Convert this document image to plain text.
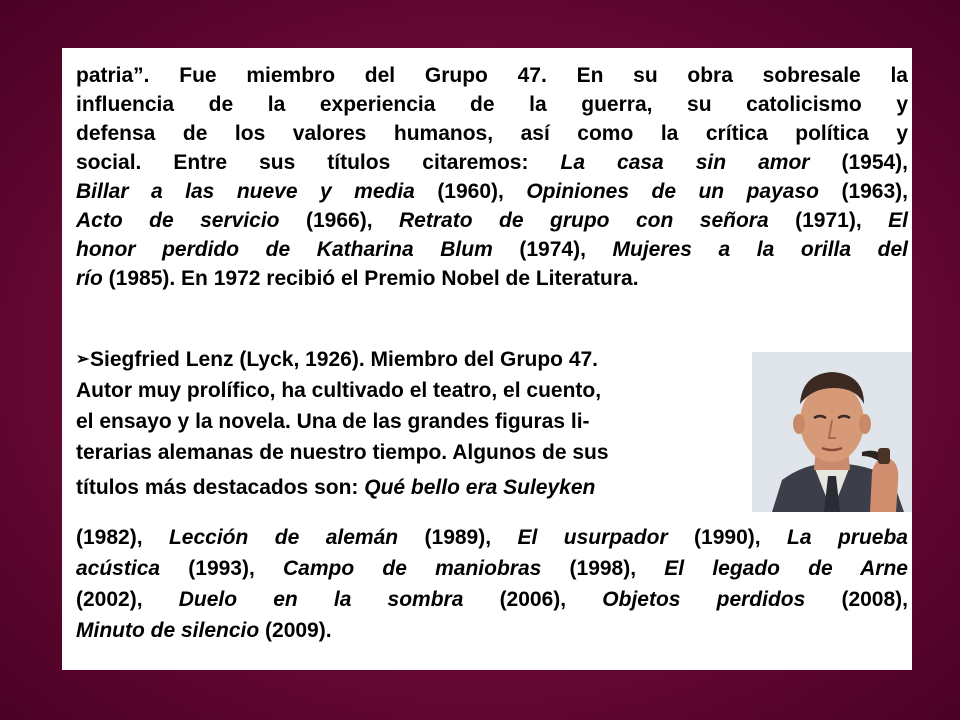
patria”. Fue miembro del Grupo 47. En su obra sobresale la
influencia de la experiencia de la guerra, su catolicismo y
defensa de los valores humanos, así como la crítica política y
social. Entre sus títulos citaremos: La casa sin amor (1954),
Billar a las nueve y media (1960), Opiniones de un payaso (1963),
Acto de servicio (1966), Retrato de grupo con señora (1971), El
honor perdido de Katharina Blum (1974), Mujeres a la orilla del
río (1985). En 1972 recibió el Premio Nobel de Literatura.
➢Siegfried Lenz (Lyck, 1926). Miembro del Grupo 47.
Autor muy prolífico, ha cultivado el teatro, el cuento,
el ensayo y la novela. Una de las grandes figuras li-
terarias alemanas de nuestro tiempo. Algunos de sus
títulos más destacados son: Qué bello era Suleyken
(1982), Lección de alemán (1989), El usurpador (1990), La prueba
acústica (1993), Campo de maniobras (1998), El legado de Arne
(2002), Duelo en la sombra (2006), Objetos perdidos (2008),
Minuto de silencio (2009).
